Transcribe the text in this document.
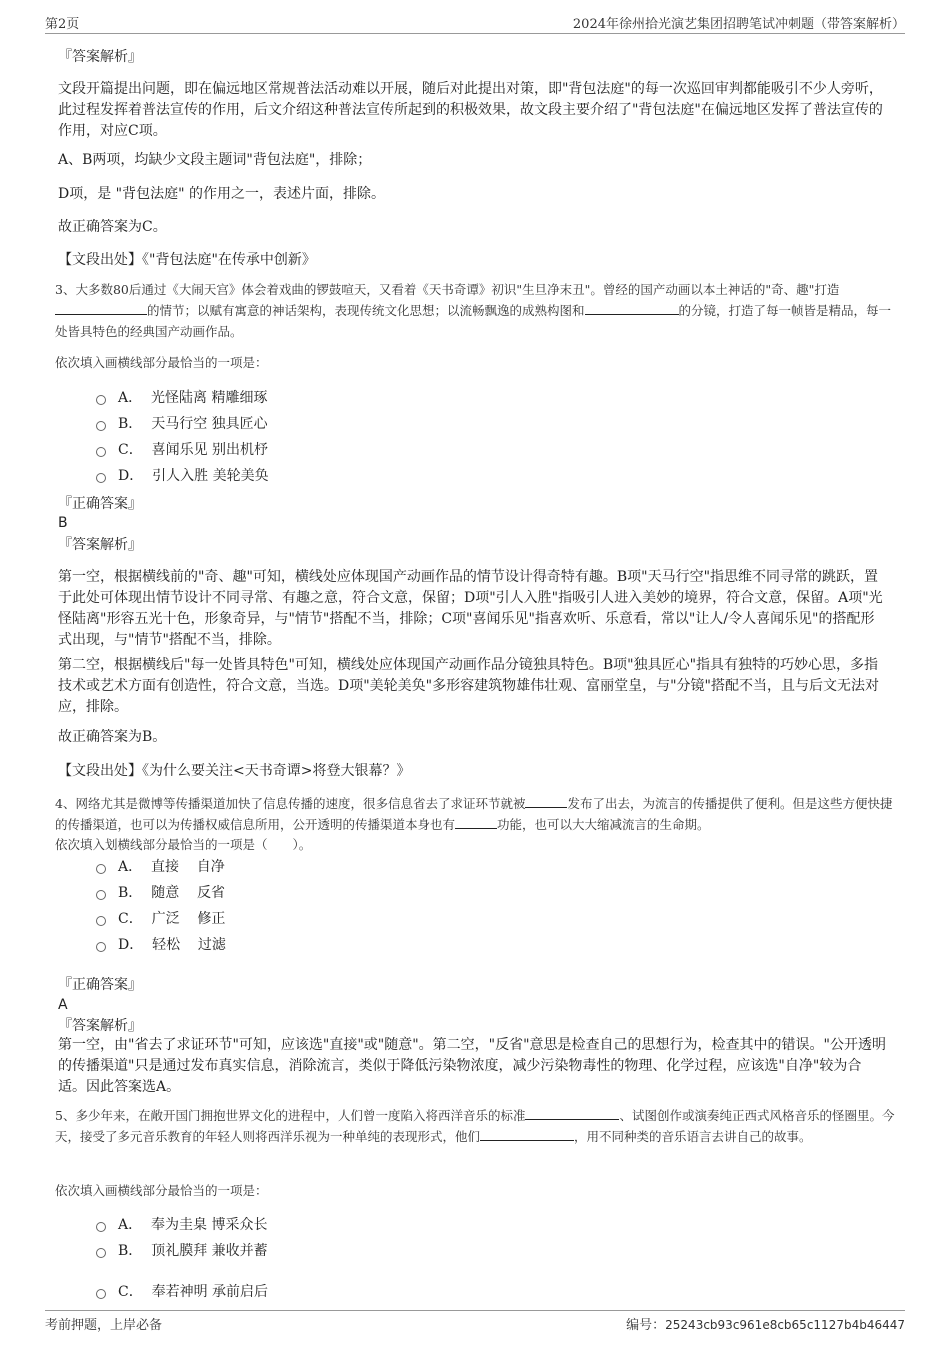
第2页	2024年徐州拾光演艺集团招聘笔试冲刺题（带答案解析）
『答案解析』
文段开篇提出问题，即在偏远地区常规普法活动难以开展，随后对此提出对策，即"背包法庭"的每一次巡回审判都能吸引不少人旁听，此过程发挥着普法宣传的作用，后文介绍这种普法宣传所起到的积极效果，故文段主要介绍了"背包法庭"在偏远地区发挥了普法宣传的作用，对应C项。
A、B两项，均缺少文段主题词"背包法庭"，排除；
D项，是 "背包法庭" 的作用之一，表述片面，排除。
故正确答案为C。
【文段出处】《"背包法庭"在传承中创新》
3、大多数80后通过《大闹天宫》体会着戏曲的锣鼓喧天，又看着《天书奇谭》初识"生旦净末丑"。曾经的国产动画以本土神话的"奇、趣"打造的情节；以赋有寓意的神话架构，表现传统文化思想；以流畅飘逸的成熟构图和	的分镜，打造了每一帧皆是精品，每一处皆具特色的经典国产动画作品。
依次填入画横线部分最恰当的一项是：
A．  光怪陆离 精雕细琢
B．  天马行空 独具匠心
C．  喜闻乐见 别出机杼
D．  引人入胜 美轮美奂
『正确答案』
B
『答案解析』
第一空，根据横线前的"奇、趣"可知，横线处应体现国产动画作品的情节设计得奇特有趣。B项"天马行空"指思维不同寻常的跳跃，置于此处可体现出情节设计不同寻常、有趣之意，符合文意，保留；D项"引人入胜"指吸引人进入美妙的境界，符合文意，保留。A项"光怪陆离"形容五光十色，形象奇异，与"情节"搭配不当，排除；C项"喜闻乐见"指喜欢听、乐意看，常以"让人/令人喜闻乐见"的搭配形式出现，与"情节"搭配不当，排除。
第二空，根据横线后"每一处皆具特色"可知，横线处应体现国产动画作品分镜独具特色。B项"独具匠心"指具有独特的巧妙心思，多指技术或艺术方面有创造性，符合文意，当选。D项"美轮美奂"多形容建筑物雄伟壮观、富丽堂皇，与"分镜"搭配不当，且与后文无法对应，排除。
故正确答案为B。
【文段出处】《为什么要关注<天书奇谭>将登大银幕？》
4、网络尤其是微博等传播渠道加快了信息传播的速度，很多信息省去了求证环节就被	发布了出去，为流言的传播提供了便利。但是这些方便快捷的传播渠道，也可以为传播权威信息所用，公开透明的传播渠道本身也有	功能，也可以大大缩减流言的生命期。
依次填入划横线部分最恰当的一项是（　　）。
A．  直接    自净
B．  随意    反省
C．  广泛    修正
D．  轻松    过滤
『正确答案』
A
『答案解析』
第一空，由"省去了求证环节"可知，应该选"直接"或"随意"。第二空，"反省"意思是检查自己的思想行为，检查其中的错误。"公开透明的传播渠道"只是通过发布真实信息，消除流言，类似于降低污染物浓度，减少污染物毒性的物理、化学过程，应该选"自净"较为合适。因此答案选A。
5、多少年来，在敞开国门拥抱世界文化的进程中，人们曾一度陷入将西洋音乐的标准	、试图创作或演奏纯正西式风格音乐的怪圈里。今天，接受了多元音乐教育的年轻人则将西洋乐视为一种单纯的表现形式，他们	，用不同种类的音乐语言去讲自己的故事。
依次填入画横线部分最恰当的一项是：
A．  奉为圭臬 博采众长
B．  顶礼膜拜 兼收并蓄
C．  奉若神明 承前启后
考前押题，上岸必备	编号：25243cb93c961e8cb65c1127b4b46447
